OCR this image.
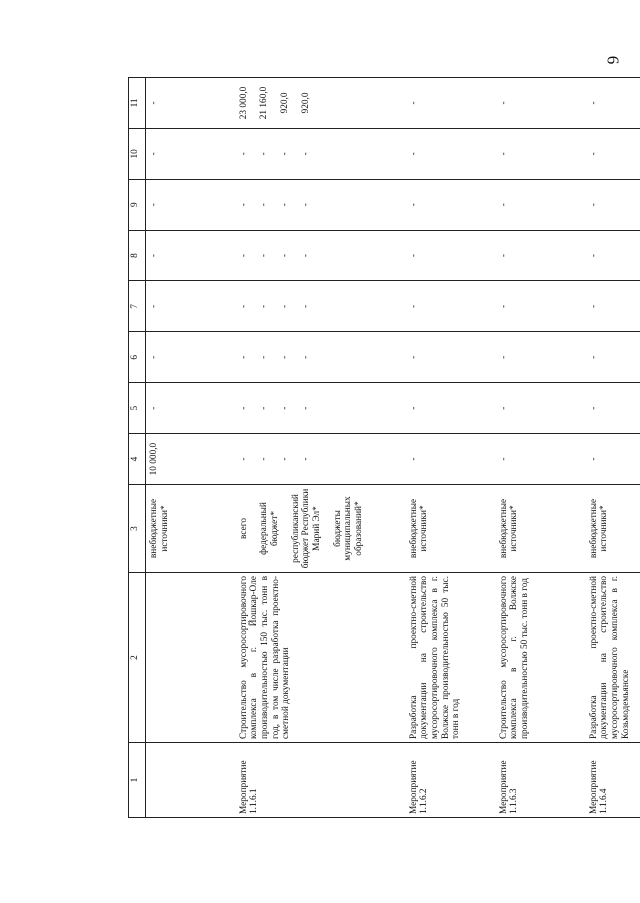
6
1	2	3	4	5	6	7	8	9	10	11

		внебюджетные источники*	10 000,0	-	-	-	-	-	-	-

Мероприятие 1.1.6.1	Строительство мусоросортировочного комплекса в г. Йошкар-Оле производительностью 150 тыс. тонн в год, в том числе разработка проектно-сметной документации	всего федеральный бюджет* республиканский бюджет Республики Марий Эл* бюджеты муниципальных образований*	- - - -	- - - -	- - - -	- - - -	- - - -	- - - -	- - - -	23 000,0 21 160,0 920,0 920,0

Мероприятие 1.1.6.2	Разработка проектно-сметной документации на строительство мусоросортировочного комплекса в г. Волжске производительностью 50 тыс. тонн в год	внебюджетные источники*	-	-	-	-	-	-	-	-

Мероприятие 1.1.6.3	Строительство мусоросортировочного комплекса в г. Волжске производительностью 50 тыс. тонн в год	внебюджетные источники*	-	-	-	-	-	-	-	-

Мероприятие 1.1.6.4	Разработка проектно-сметной документации на строительство мусоросортировочного комплекса в г. Козьмодемьянске	внебюджетные источники*	-	-	-	-	-	-	-	-
